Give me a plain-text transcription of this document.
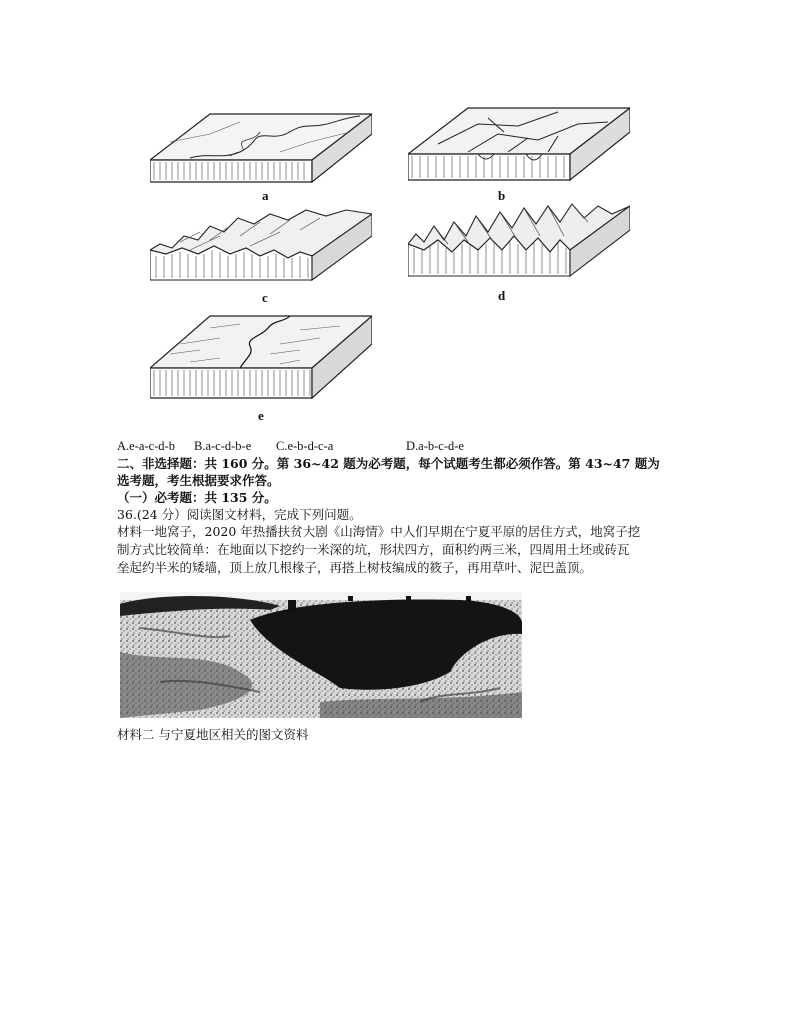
a	b
c	d
e
A.e-a-c-d-b B.a-c-d-b-e C.e-b-d-c-a	D.a-b-c-d-e
二、非选择题：共 160 分。第 36~42 题为必考题，每个试题考生都必须作答。第 43~47 题为
选考题，考生根据要求作答。
（一）必考题：共 135 分。
36.(24 分）阅读图文材料，完成下列问题。
材料一地窝子，2020 年热播扶贫大剧《山海情》中人们早期在宁夏平原的居住方式，地窝子挖
制方式比较简单：在地面以下挖约一米深的坑，形状四方，面积约两三米，四周用土坯或砖瓦
垒起约半米的矮墙，顶上放几根椽子，再搭上树枝编成的筱子，再用草叶、泥巴盖顶。
材料二 与宁夏地区相关的图文资料
